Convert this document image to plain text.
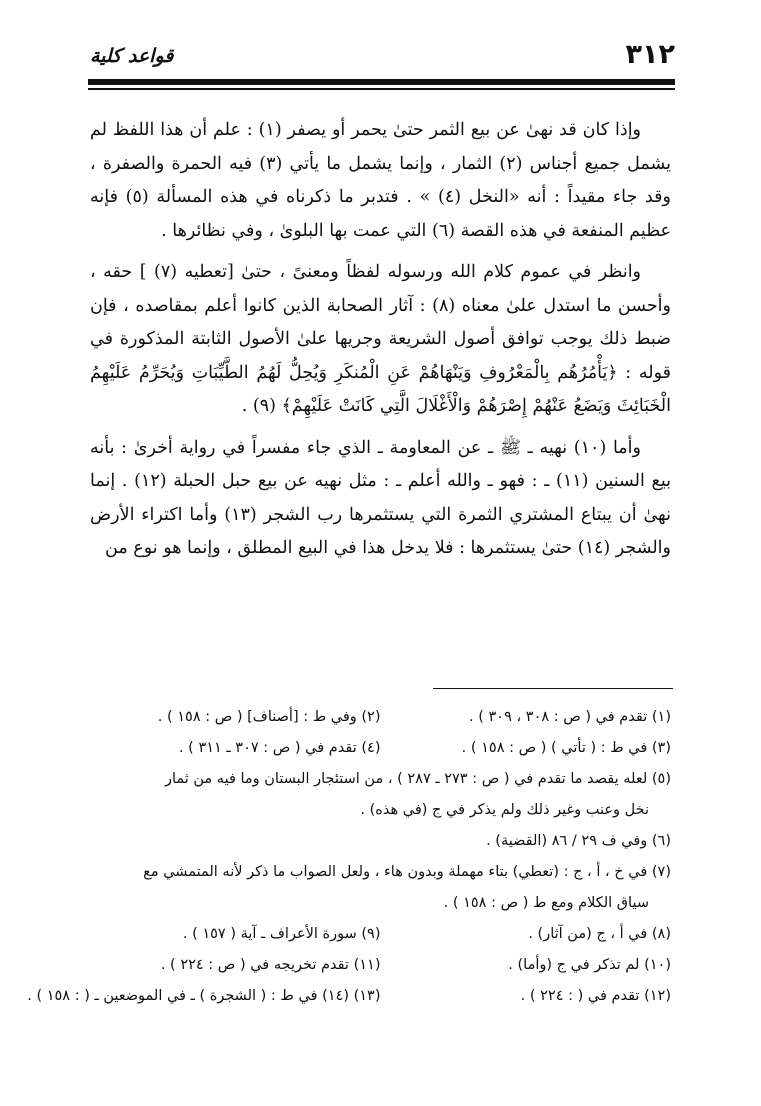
٣١٢
قواعد كلية

وإذا كان قد نهىٰ عن بيع الثمر حتىٰ يحمر أو يصفر (١) : علم أن هذا اللفظ لم يشمل جميع أجناس (٢) الثمار ، وإنما يشمل ما يأتي (٣) فيه الحمرة والصفرة ، وقد جاء مقيداً : أنه «النخل (٤) » . فتدبر ما ذكرناه في هذه المسألة (٥) فإنه عظيم المنفعة في هذه القصة (٦) التي عمت بها البلوىٰ ، وفي نظائرها .

وانظر في عموم كلام الله ورسوله لفظاً ومعنىً ، حتىٰ [تعطيه (٧) ] حقه ، وأحسن ما استدل علىٰ معناه (٨) : آثار الصحابة الذين كانوا أعلم بمقاصده ، فإن ضبط ذلك يوجب توافق أصول الشريعة وجريها علىٰ الأصول الثابتة المذكورة في قوله : ﴿يَأْمُرُهُم بِالْمَعْرُوفِ وَيَنْهَاهُمْ عَنِ الْمُنكَرِ وَيُحِلُّ لَهُمُ الطَّيِّبَاتِ وَيُحَرِّمُ عَلَيْهِمُ الْخَبَائِثَ وَيَضَعُ عَنْهُمْ إِصْرَهُمْ وَالْأَغْلَالَ الَّتِي كَانَتْ عَلَيْهِمْ﴾ (٩) .

وأما (١٠) نهيه ـ ﷺ ـ عن المعاومة ـ الذي جاء مفسراً في رواية أخرىٰ : بأنه بيع السنين (١١) ـ : فهو ـ والله أعلم ـ : مثل نهيه عن بيع حبل الحبلة (١٢) . إنما نهىٰ أن يبتاع المشتري الثمرة التي يستثمرها رب الشجر (١٣) وأما اكتراء الأرض والشجر (١٤) حتىٰ يستثمرها : فلا يدخل هذا في البيع المطلق ، وإنما هو نوع من

(١) تقدم في ( ص : ٣٠٨ ، ٣٠٩ ) .
(٢) وفي ط : [أصناف] ( ص : ١٥٨ ) .
(٣) في ط : ( تأتي ) ( ص : ١٥٨ ) .
(٤) تقدم في ( ص : ٣٠٧ ـ ٣١١ ) .

(٥) لعله يقصد ما تقدم في ( ص : ٢٧٣ ـ ٢٨٧ ) ، من استئجار البستان وما فيه من ثمار

نخل وعنب وغير ذلك ولم يذكر في ج (في هذه) .

(٦) وفي ف ٢٩ / ٨٦ (القضية) .

(٧) في خ ، أ ، ج : (تعطي) بتاء مهملة وبدون هاء ، ولعل الصواب ما ذكر لأنه المتمشي مع

سياق الكلام ومع ط ( ص : ١٥٨ ) .

(٨) في أ ، ج (من آثار) .
(٩) سورة الأعراف ـ آية ( ١٥٧ ) .
(١٠) لم تذكر في ج (وأما) .
(١١) تقدم تخريجه في ( ص : ٢٢٤ ) .
(١٢) تقدم في ( : ٢٢٤ ) .
(١٣) (١٤) في ط : ( الشجرة ) ـ في الموضعين ـ ( : ١٥٨ ) .
